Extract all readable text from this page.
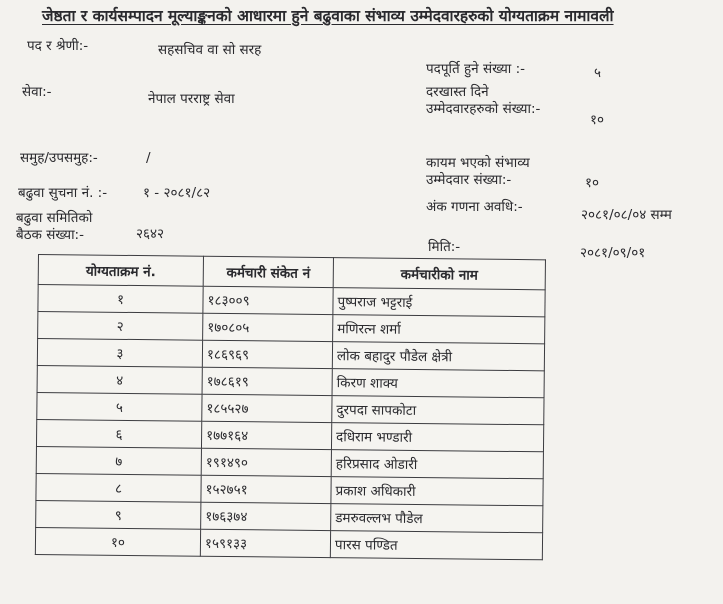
जेष्ठता र कार्यसम्पादन मूल्याङ्कनको आधारमा हुने बढुवाका संभाव्य उम्मेदवारहरुको योग्यताक्रम नामावली
पद र श्रेणी:-	सहसचिव वा सो सरह
सेवा:-	नेपाल परराष्ट्र सेवा
समुह/उपसमुह:-	/
बढुवा सुचना नं. :-	१ - २०८१/८२
बढुवा समितिको बैठक संख्या:-	२६४२
पदपूर्ति हुने संख्या :-	५
दरखास्त दिने उम्मेदवारहरुको संख्या:-
१०
कायम भएको संभाव्य उम्मेदवार संख्या:-	१०
अंक गणना अवधि:-	२०८१/०८/०४ सम्म
मिति:-	२०८१/०९/०१
योग्यताक्रम नं.	कर्मचारी संकेत नं	कर्मचारीको नाम
१	१८३००९	पुष्पराज भट्टराई
२	१७०८०५	मणिरत्न शर्मा
३	१८६९६९	लोक बहादुर पौडेल क्षेत्री
४	१७८६१९	किरण शाक्य
५	१८५५२७	दुरपदा सापकोटा
६	१७७१६४	दधिराम भण्डारी
७	१९१४९०	हरिप्रसाद ओडारी
८	१५२७५१	प्रकाश अधिकारी
९	१७६३७४	डमरुवल्लभ पौडेल
१०	१५९१३३	पारस पण्डित
